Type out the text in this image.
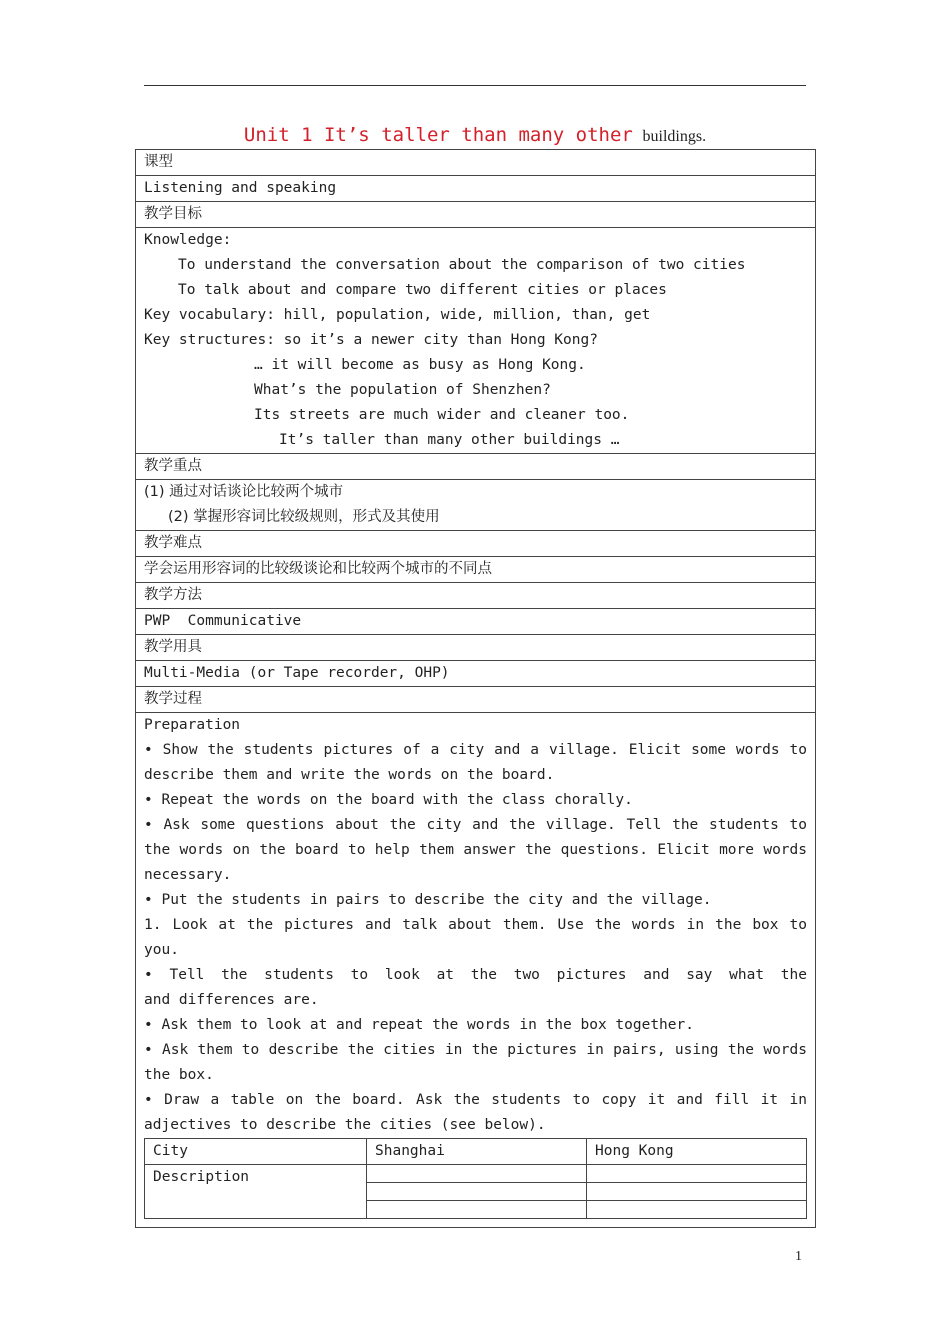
Unit 1 It’s taller than many other buildings.
课型
Listening and speaking
教学目标

Knowledge:
To understand the conversation about the comparison of two cities
To talk about and compare two different cities or places
Key vocabulary: hill, population, wide, million, than, get
Key structures: so it’s a newer city than Hong Kong?
… it will become as busy as Hong Kong.
What’s the population of Shenzhen?
Its streets are much wider and cleaner too.
It’s taller than many other buildings …

教学重点

(1) 通过对话谈论比较两个城市
(2) 掌握形容词比较级规则，形式及其使用

教学难点
学会运用形容词的比较级谈论和比较两个城市的不同点
教学方法
PWP  Communicative
教学用具
Multi-Media (or Tape recorder, OHP)
教学过程

Preparation
• Show the students pictures of a city and a village. Elicit some words to
describe them and write the words on the board.
• Repeat the words on the board with the class chorally.
• Ask some questions about the city and the village. Tell the students to
the words on the board to help them answer the questions. Elicit more words
necessary.
• Put the students in pairs to describe the city and the village.
1. Look at the pictures and talk about them. Use the words in the box to
you.
• Tell the students to look at the two pictures and say what the
and differences are.
• Ask them to look at and repeat the words in the box together.
• Ask them to describe the cities in the pictures in pairs, using the words
the box.
• Draw a table on the board. Ask the students to copy it and fill it in
adjectives to describe the cities (see below).
City	Shanghai	Hong Kong
Description		

1
